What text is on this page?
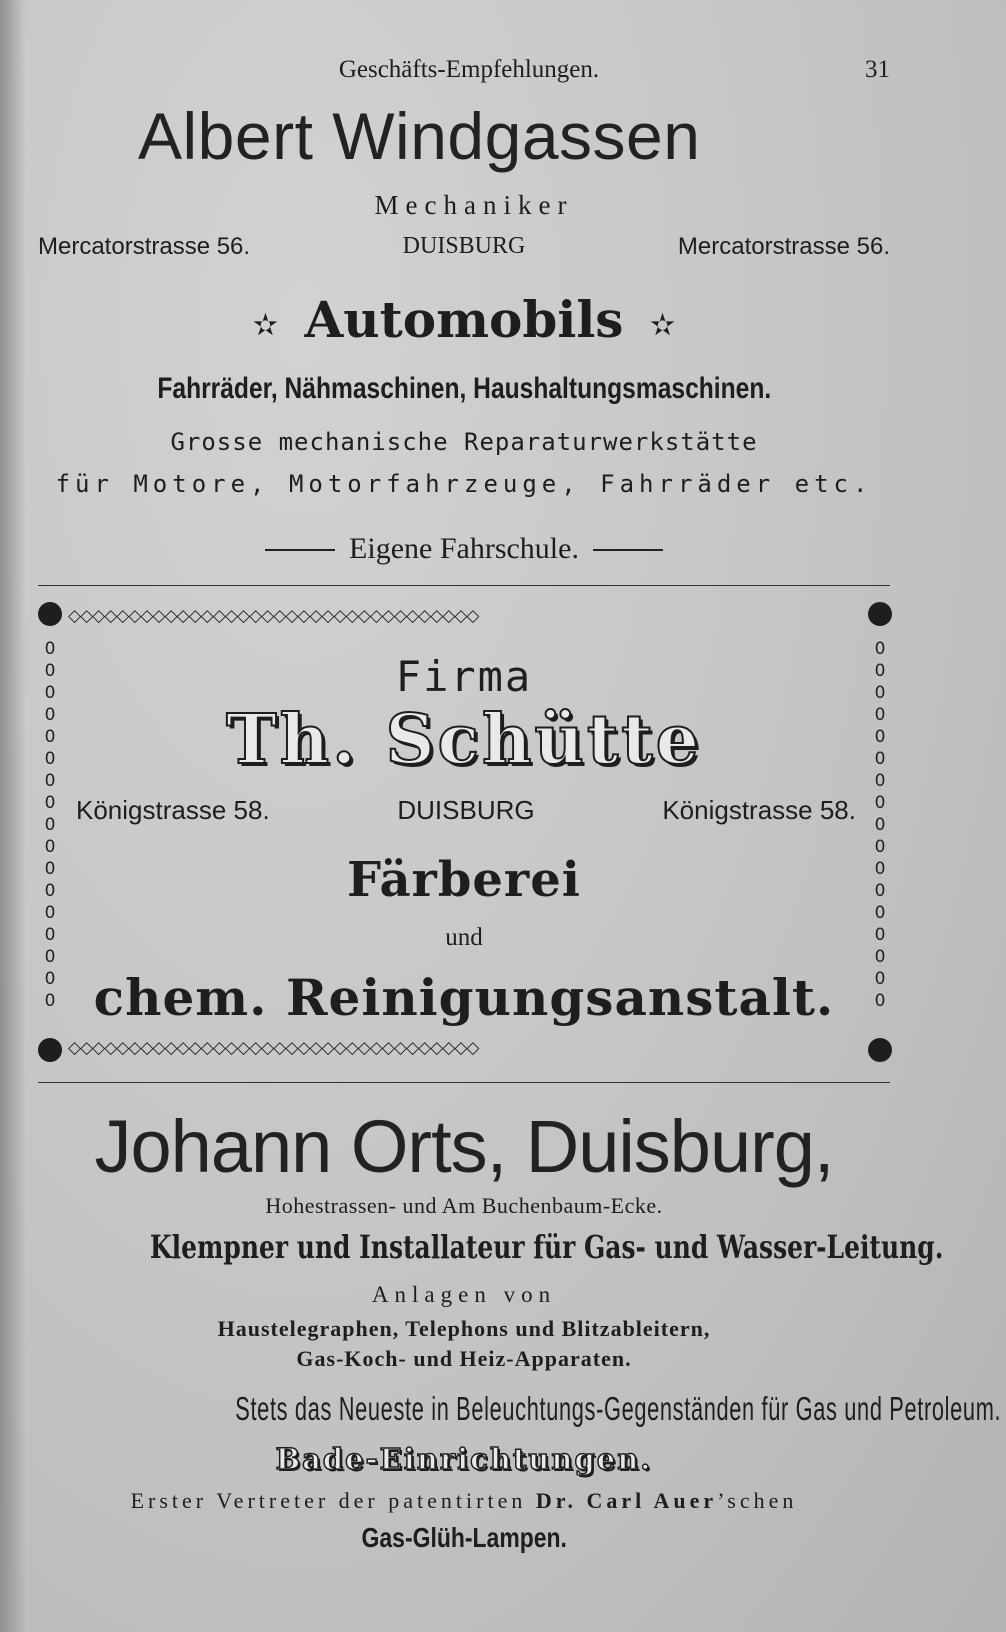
Geschäfts-Empfehlungen.	31
Albert Windgassen
Mechaniker
Mercatorstrasse 56.	DUISBURG	Mercatorstrasse 56.
✫ Automobils ✫
Fahrräder, Nähmaschinen, Haushaltungsmaschinen.
Grosse mechanische Reparaturwerkstätte
für Motore, Motorfahrzeuge, Fahrräder etc.
Eigene Fahrschule.
◇◇◇◇◇◇◇◇◇◇◇◇◇◇◇◇◇◇◇◇◇◇◇◇◇◇◇◇◇◇◇◇◇◇
◇◇◇◇◇◇◇◇◇◇◇◇◇◇◇◇◇◇◇◇◇◇◇◇◇◇◇◇◇◇◇◇◇◇
0 0 0 0 0 0 0 0 0 0 0 0 0 0 0 0 0
0 0 0 0 0 0 0 0 0 0 0 0 0 0 0 0 0
Firma
Th. Schütte
Königstrasse 58.	DUISBURG	Königstrasse 58.
Färberei
und
chem. Reinigungsanstalt.
Johann Orts, Duisburg,
Hohestrassen- und Am Buchenbaum-Ecke.
Klempner und Installateur für Gas- und Wasser-Leitung.
Anlagen von
Haustelegraphen, Telephons und Blitzableitern,
Gas-Koch- und Heiz-Apparaten.
Stets das Neueste in Beleuchtungs-Gegenständen für Gas und Petroleum.
Bade-Einrichtungen.
Erster Vertreter der patentirten Dr. Carl Auer’schen
Gas-Glüh-Lampen.
